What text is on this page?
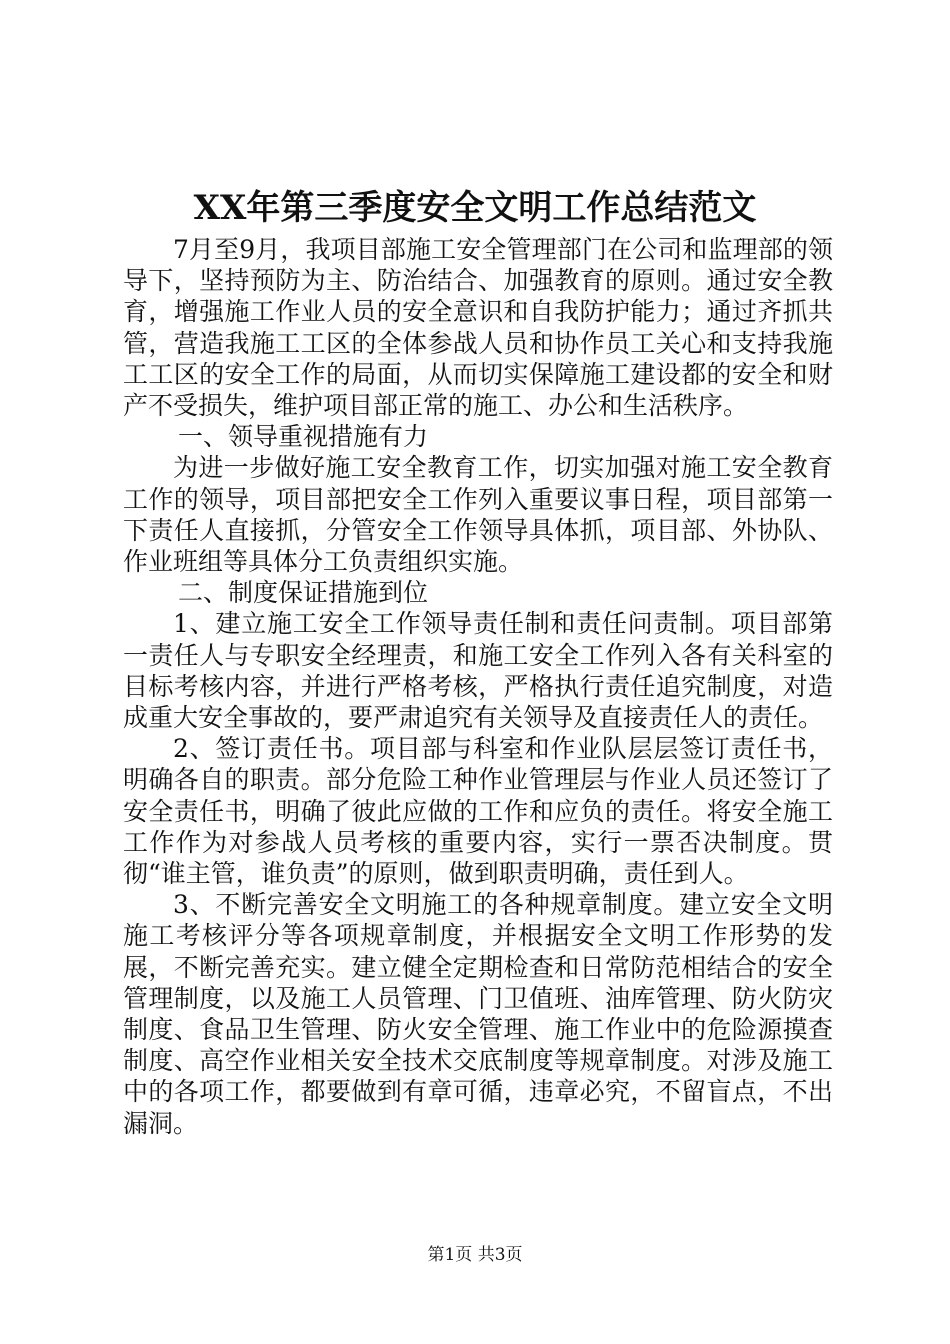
XX年第三季度安全文明工作总结范文

7月至9月，我项目部施工安全管理部门在公司和监理部的领导下，坚持预防为主、防治结合、加强教育的原则。通过安全教育，增强施工作业人员的安全意识和自我防护能力；通过齐抓共管，营造我施工工区的全体参战人员和协作员工关心和支持我施工工区的安全工作的局面，从而切实保障施工建设都的安全和财产不受损失，维护项目部正常的施工、办公和生活秩序。

一、领导重视措施有力

为进一步做好施工安全教育工作，切实加强对施工安全教育工作的领导，项目部把安全工作列入重要议事日程，项目部第一下责任人直接抓，分管安全工作领导具体抓，项目部、外协队、作业班组等具体分工负责组织实施。

二、制度保证措施到位

1、建立施工安全工作领导责任制和责任问责制。项目部第一责任人与专职安全经理责，和施工安全工作列入各有关科室的目标考核内容，并进行严格考核，严格执行责任追究制度，对造成重大安全事故的，要严肃追究有关领导及直接责任人的责任。

2、签订责任书。项目部与科室和作业队层层签订责任书，明确各自的职责。部分危险工种作业管理层与作业人员还签订了安全责任书，明确了彼此应做的工作和应负的责任。将安全施工工作作为对参战人员考核的重要内容，实行一票否决制度。贯彻“谁主管，谁负责”的原则，做到职责明确，责任到人。

3、不断完善安全文明施工的各种规章制度。建立安全文明施工考核评分等各项规章制度，并根据安全文明工作形势的发展，不断完善充实。建立健全定期检查和日常防范相结合的安全管理制度，以及施工人员管理、门卫值班、油库管理、防火防灾制度、食品卫生管理、防火安全管理、施工作业中的危险源摸查制度、高空作业相关安全技术交底制度等规章制度。对涉及施工中的各项工作，都要做到有章可循，违章必究，不留盲点，不出漏洞。

第1页 共3页
